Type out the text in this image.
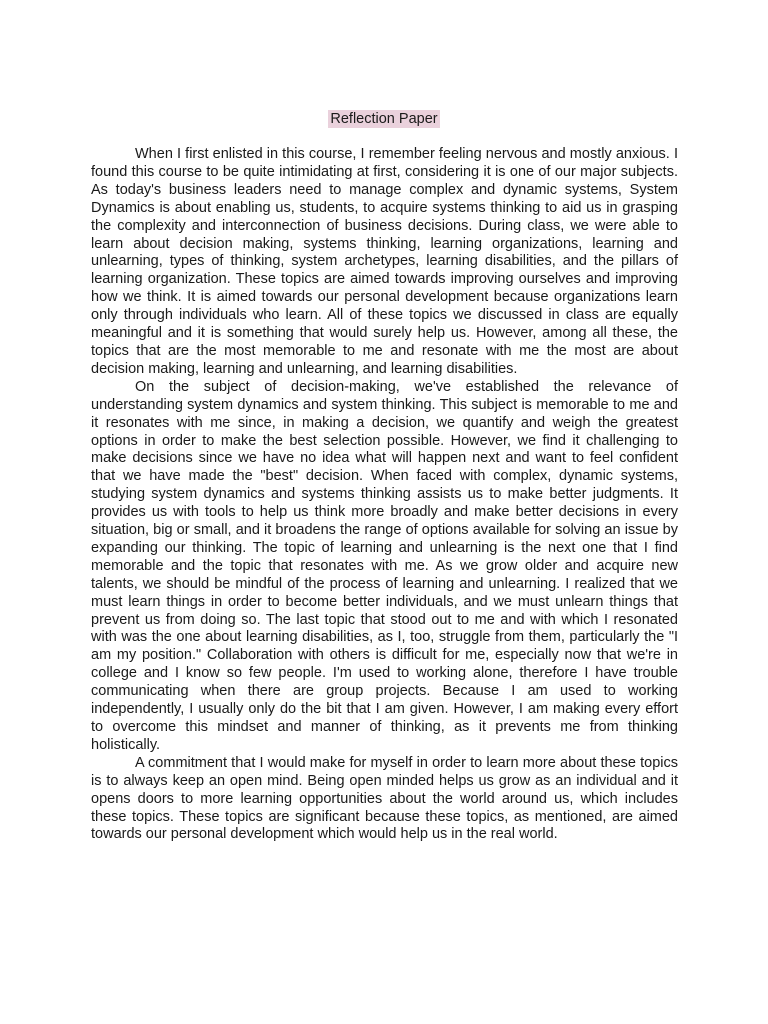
Reflection Paper

When I first enlisted in this course, I remember feeling nervous and mostly anxious. I found this course to be quite intimidating at first, considering it is one of our major subjects. As today's business leaders need to manage complex and dynamic systems, System Dynamics is about enabling us, students, to acquire systems thinking to aid us in grasping the complexity and interconnection of business decisions. During class, we were able to learn about decision making, systems thinking, learning organizations, learning and unlearning, types of thinking, system archetypes, learning disabilities, and the pillars of learning organization. These topics are aimed towards improving ourselves and improving how we think. It is aimed towards our personal development because organizations learn only through individuals who learn. All of these topics we discussed in class are equally meaningful and it is something that would surely help us. However, among all these, the topics that are the most memorable to me and resonate with me the most are about decision making, learning and unlearning, and learning disabilities.

On the subject of decision-making, we've established the relevance of understanding system dynamics and system thinking. This subject is memorable to me and it resonates with me since, in making a decision, we quantify and weigh the greatest options in order to make the best selection possible. However, we find it challenging to make decisions since we have no idea what will happen next and want to feel confident that we have made the "best" decision. When faced with complex, dynamic systems, studying system dynamics and systems thinking assists us to make better judgments. It provides us with tools to help us think more broadly and make better decisions in every situation, big or small, and it broadens the range of options available for solving an issue by expanding our thinking. The topic of learning and unlearning is the next one that I find memorable and the topic that resonates with me. As we grow older and acquire new talents, we should be mindful of the process of learning and unlearning. I realized that we must learn things in order to become better individuals, and we must unlearn things that prevent us from doing so. The last topic that stood out to me and with which I resonated with was the one about learning disabilities, as I, too, struggle from them, particularly the "I am my position." Collaboration with others is difficult for me, especially now that we're in college and I know so few people. I'm used to working alone, therefore I have trouble communicating when there are group projects. Because I am used to working independently, I usually only do the bit that I am given. However, I am making every effort to overcome this mindset and manner of thinking, as it prevents me from thinking holistically.

A commitment that I would make for myself in order to learn more about these topics is to always keep an open mind. Being open minded helps us grow as an individual and it opens doors to more learning opportunities about the world around us, which includes these topics. These topics are significant because these topics, as mentioned, are aimed towards our personal development which would help us in the real world.
